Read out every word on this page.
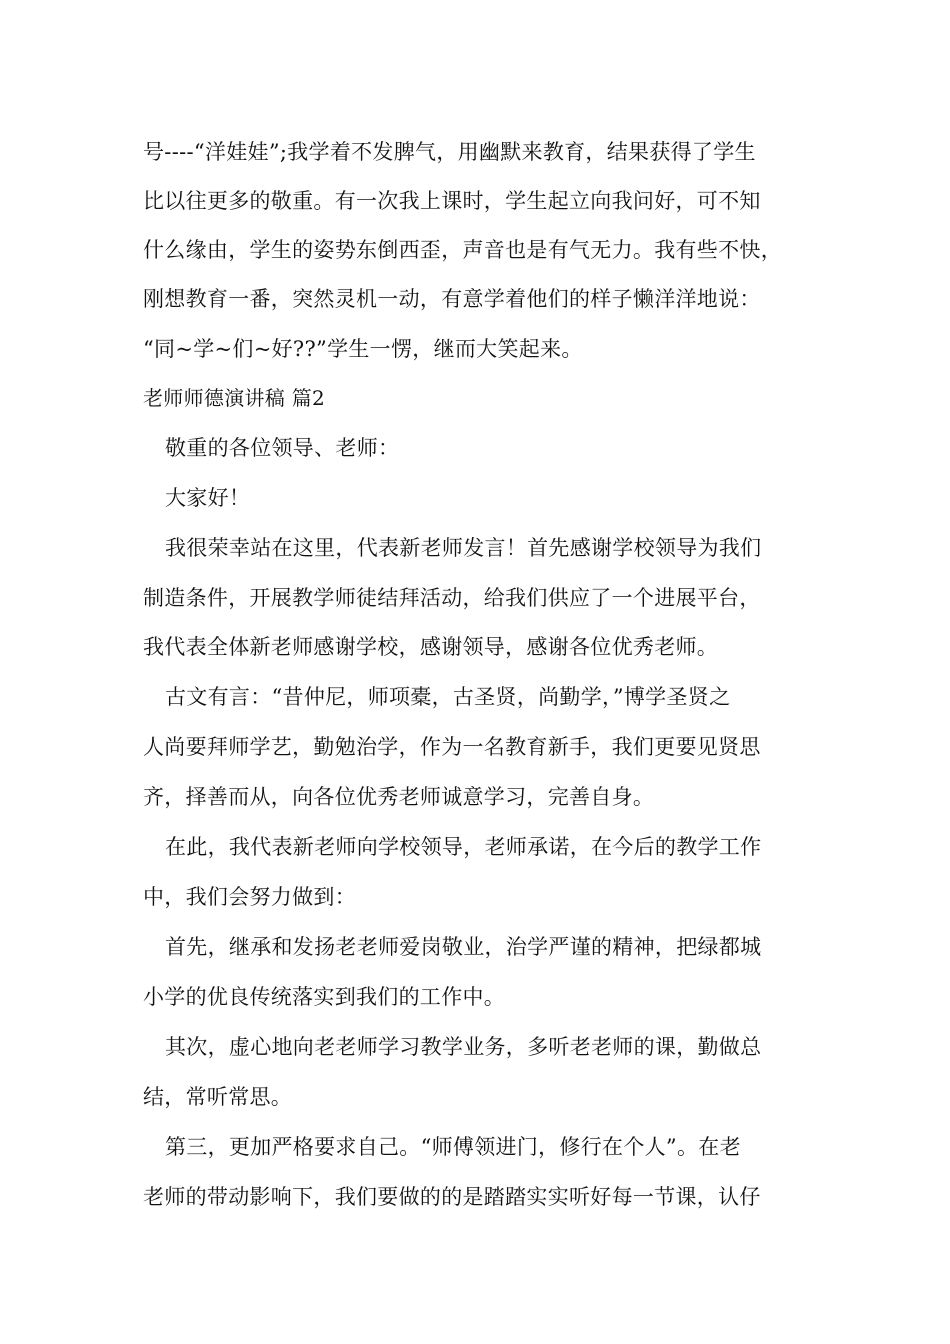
号----“洋娃娃”;我学着不发脾气，用幽默来教育，结果获得了学生
比以往更多的敬重。有一次我上课时，学生起立向我问好，可不知
什么缘由，学生的姿势东倒西歪，声音也是有气无力。我有些不快，
刚想教育一番，突然灵机一动，有意学着他们的样子懒洋洋地说：
“同~学~们~好??”学生一愣，继而大笑起来。
老师师德演讲稿 篇2
敬重的各位领导、老师：
大家好！
我很荣幸站在这里，代表新老师发言！首先感谢学校领导为我们
制造条件，开展教学师徒结拜活动，给我们供应了一个进展平台，
我代表全体新老师感谢学校，感谢领导，感谢各位优秀老师。
古文有言：“昔仲尼，师项橐，古圣贤，尚勤学，”博学圣贤之
人尚要拜师学艺，勤勉治学，作为一名教育新手，我们更要见贤思
齐，择善而从，向各位优秀老师诚意学习，完善自身。
在此，我代表新老师向学校领导，老师承诺，在今后的教学工作
中，我们会努力做到：
首先，继承和发扬老老师爱岗敬业，治学严谨的精神，把绿都城
小学的优良传统落实到我们的工作中。
其次，虚心地向老老师学习教学业务，多听老老师的课，勤做总
结，常听常思。
第三，更加严格要求自己。“师傅领进门，修行在个人”。在老
老师的带动影响下，我们要做的的是踏踏实实听好每一节课，认仔
